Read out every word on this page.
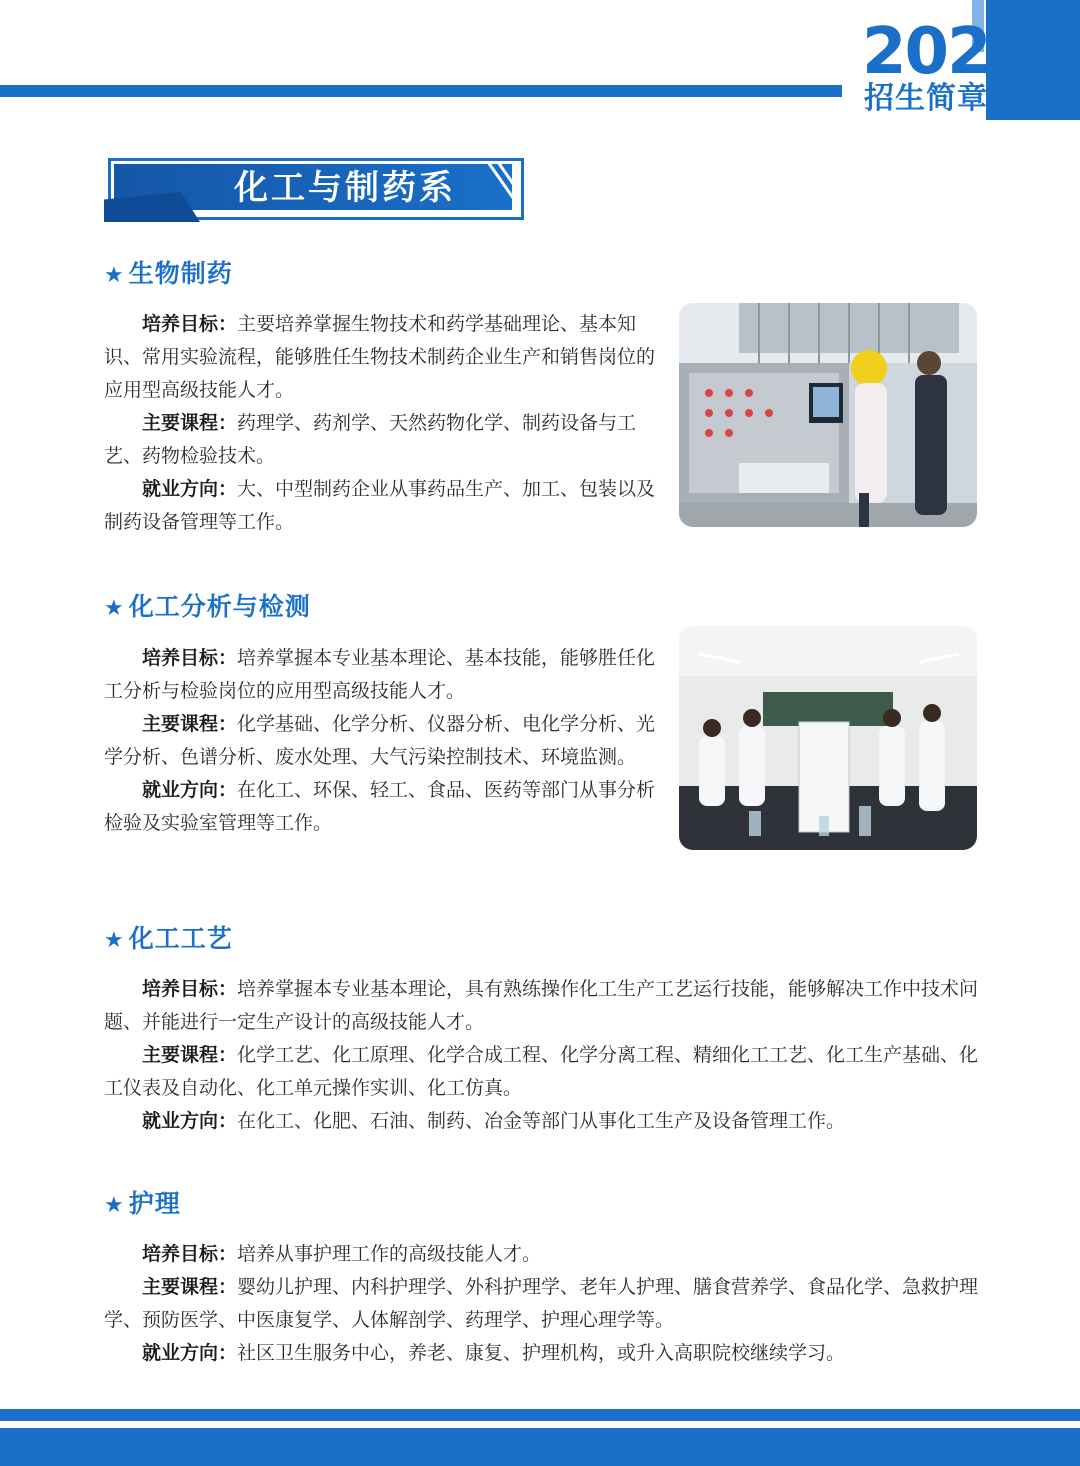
2024
招生简章
化工与制药系
★ 生物制药

培养目标：主要培养掌握生物技术和药学基础理论、基本知识、常用实验流程，能够胜任生物技术制药企业生产和销售岗位的应用型高级技能人才。

主要课程：药理学、药剂学、天然药物化学、制药设备与工艺、药物检验技术。

就业方向：大、中型制药企业从事药品生产、加工、包装以及制药设备管理等工作。

★ 化工分析与检测

培养目标：培养掌握本专业基本理论、基本技能，能够胜任化工分析与检验岗位的应用型高级技能人才。

主要课程：化学基础、化学分析、仪器分析、电化学分析、光学分析、色谱分析、废水处理、大气污染控制技术、环境监测。

就业方向：在化工、环保、轻工、食品、医药等部门从事分析检验及实验室管理等工作。

★ 化工工艺

培养目标：培养掌握本专业基本理论，具有熟练操作化工生产工艺运行技能，能够解决工作中技术问题、并能进行一定生产设计的高级技能人才。

主要课程：化学工艺、化工原理、化学合成工程、化学分离工程、精细化工工艺、化工生产基础、化工仪表及自动化、化工单元操作实训、化工仿真。

就业方向：在化工、化肥、石油、制药、冶金等部门从事化工生产及设备管理工作。

★ 护理

培养目标：培养从事护理工作的高级技能人才。

主要课程：婴幼儿护理、内科护理学、外科护理学、老年人护理、膳食营养学、食品化学、急救护理学、预防医学、中医康复学、人体解剖学、药理学、护理心理学等。

就业方向：社区卫生服务中心，养老、康复、护理机构，或升入高职院校继续学习。
